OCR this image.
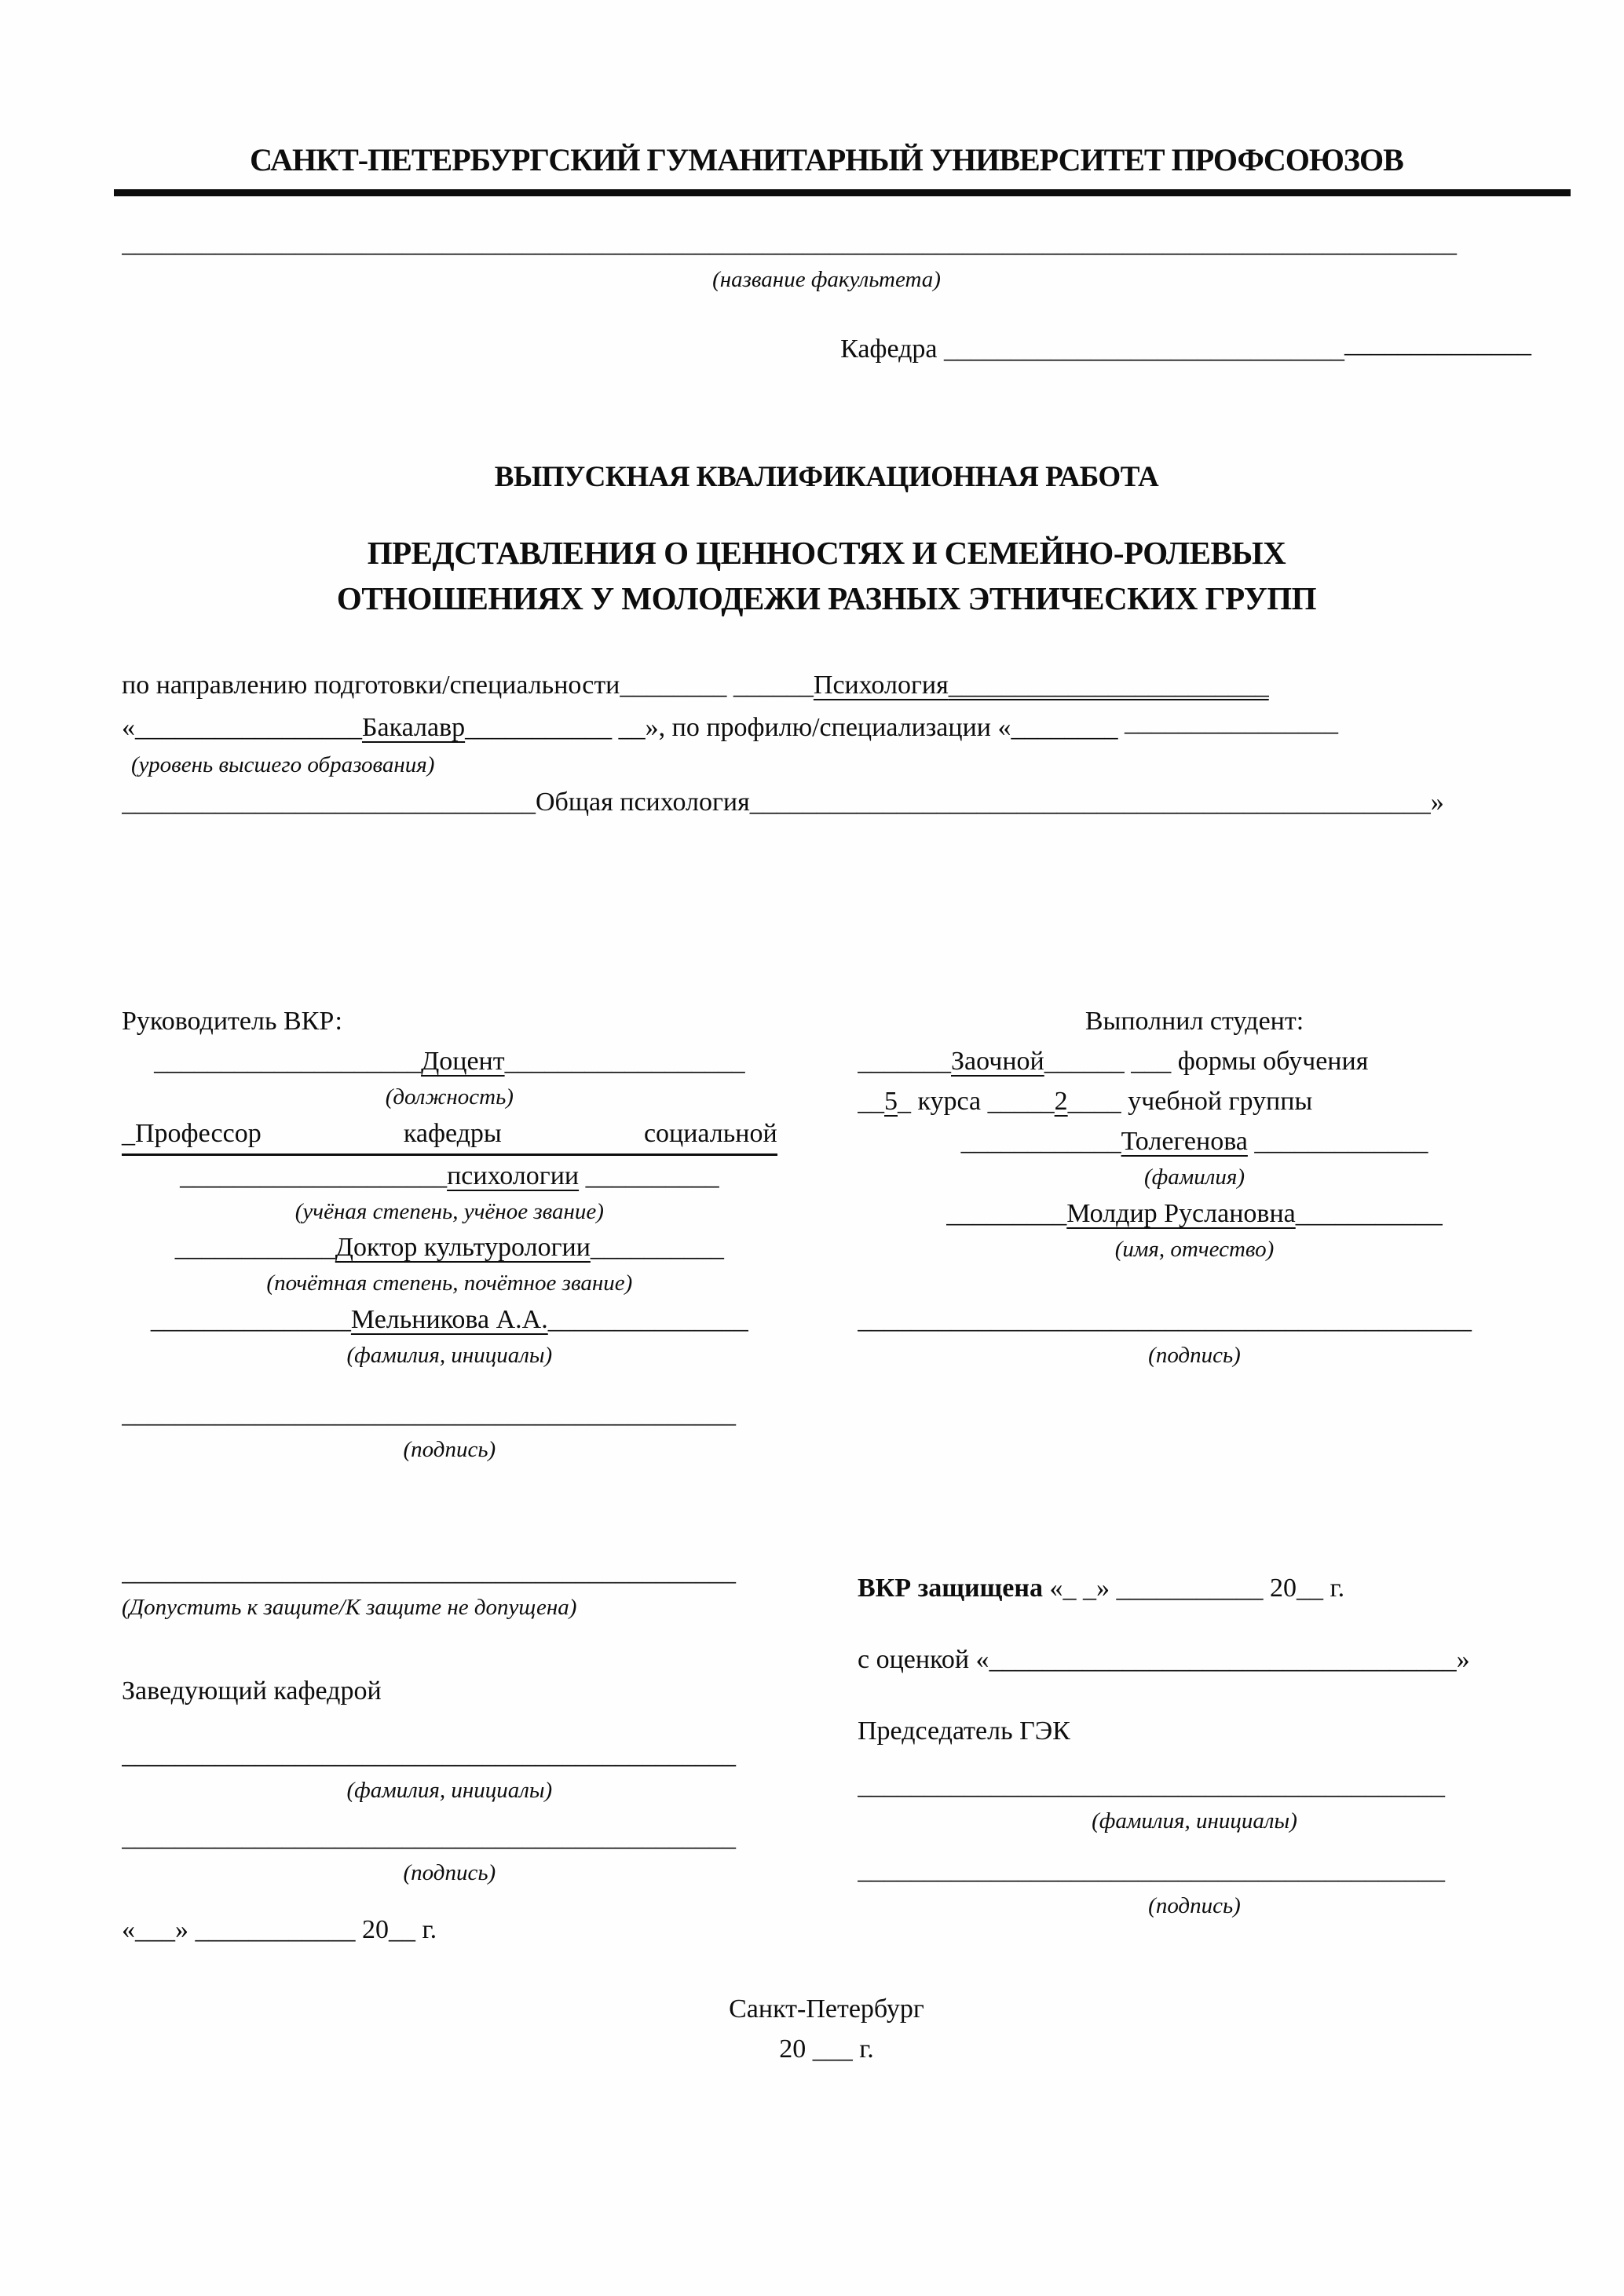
САНКТ-ПЕТЕРБУРГСКИЙ ГУМАНИТАРНЫЙ УНИВЕРСИТЕТ ПРОФСОЮЗОВ
____________________________________________________________________________________________________
(название факультета)
Кафедра ____________________________________________
ВЫПУСКНАЯ КВАЛИФИКАЦИОННАЯ РАБОТА
ПРЕДСТАВЛЕНИЯ О ЦЕННОСТЯХ И СЕМЕЙНО-РОЛЕВЫХ
ОТНОШЕНИЯХ У МОЛОДЕЖИ РАЗНЫХ ЭТНИЧЕСКИХ ГРУПП
по направлению подготовки/специальности________ ______Психология________________________
«_________________Бакалавр___________ __», по профилю/специализации «________ ________________
(уровень высшего образования)
_______________________________Общая психология___________________________________________________»
Руководитель ВКР:
____________________Доцент__________________
(должность)
_Профессор	кафедры	социальной
____________________психологии __________
(учёная степень, учёное звание)
____________Доктор культурологии__________
(почётная степень, почётное звание)
_______________Мельникова А.А._______________
(фамилия, инициалы)
______________________________________________
(подпись)
______________________________________________
(Допустить к защите/К защите не допущена)
Заведующий кафедрой
______________________________________________
(фамилия, инициалы)
______________________________________________
(подпись)
«___» ____________ 20__ г.
Выполнил студент:
_______Заочной______ ___ формы обучения
__5_ курса _____2____ учебной группы
____________Толегенова _____________
(фамилия)
_________Молдир Руслановна___________
(имя, отчество)
______________________________________________
(подпись)
ВКР защищена «_ _» ___________ 20__ г.
с оценкой «___________________________________»
Председатель ГЭК
____________________________________________
(фамилия, инициалы)
____________________________________________
(подпись)
Санкт-Петербург
20 ___ г.
